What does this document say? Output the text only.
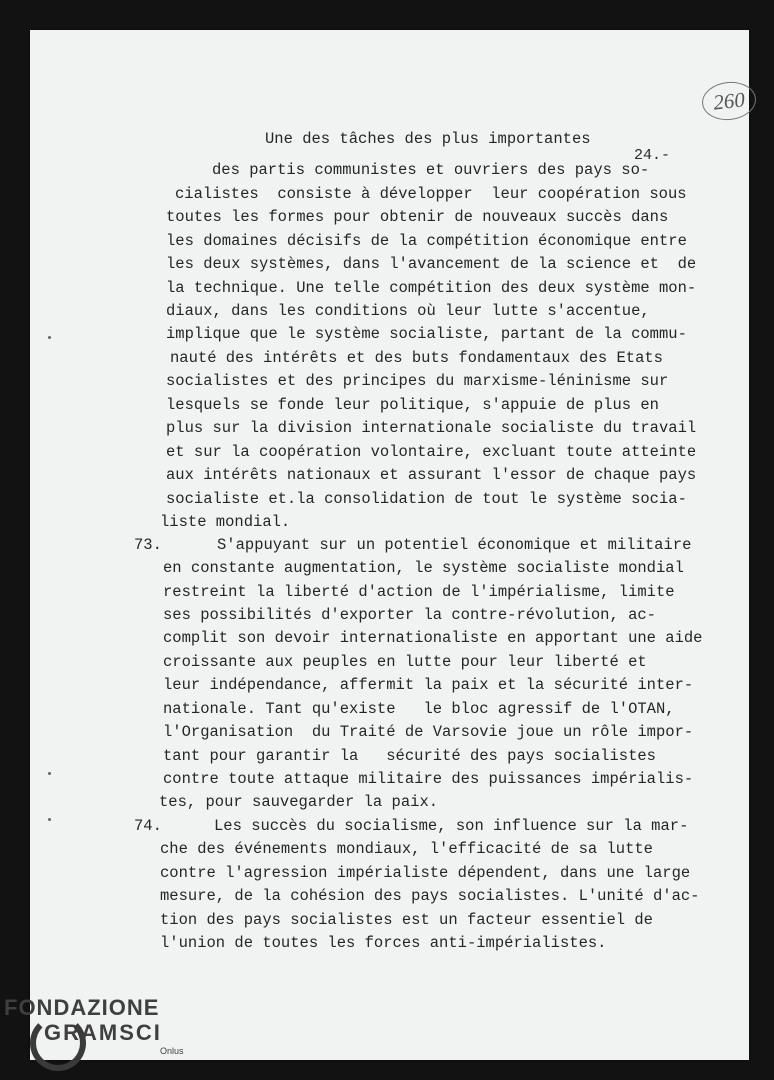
260
24.-
Une des tâches des plus importantes
des partis communistes et ouvriers des pays so-
cialistes  consiste à développer  leur coopération sous
toutes les formes pour obtenir de nouveaux succès dans
les domaines décisifs de la compétition économique entre
les deux systèmes, dans l'avancement de la science et  de
la technique. Une telle compétition des deux système mon-
diaux, dans les conditions où leur lutte s'accentue,
implique que le système socialiste, partant de la commu-
nauté des intérêts et des buts fondamentaux des Etats
socialistes et des principes du marxisme-léninisme sur
lesquels se fonde leur politique, s'appuie de plus en
plus sur la division internationale socialiste du travail
et sur la coopération volontaire, excluant toute atteinte
aux intérêts nationaux et assurant l'essor de chaque pays
socialiste et.la consolidation de tout le système socia-
liste mondial.
73.	S'appuyant sur un potentiel économique et militaire
en constante augmentation, le système socialiste mondial
restreint la liberté d'action de l'impérialisme, limite
ses possibilités d'exporter la contre-révolution, ac-
complit son devoir internationaliste en apportant une aide
croissante aux peuples en lutte pour leur liberté et
leur indépendance, affermit la paix et la sécurité inter-
nationale. Tant qu'existe   le bloc agressif de l'OTAN,
l'Organisation  du Traité de Varsovie joue un rôle impor-
tant pour garantir la   sécurité des pays socialistes
contre toute attaque militaire des puissances impérialis-
tes, pour sauvegarder la paix.
74.	Les succès du socialisme, son influence sur la mar-
che des événements mondiaux, l'efficacité de sa lutte
contre l'agression impérialiste dépendent, dans une large
mesure, de la cohésion des pays socialistes. L'unité d'ac-
tion des pays socialistes est un facteur essentiel de
l'union de toutes les forces anti-impérialistes.
FONDAZIONE
GRAMSCI
Onlus
